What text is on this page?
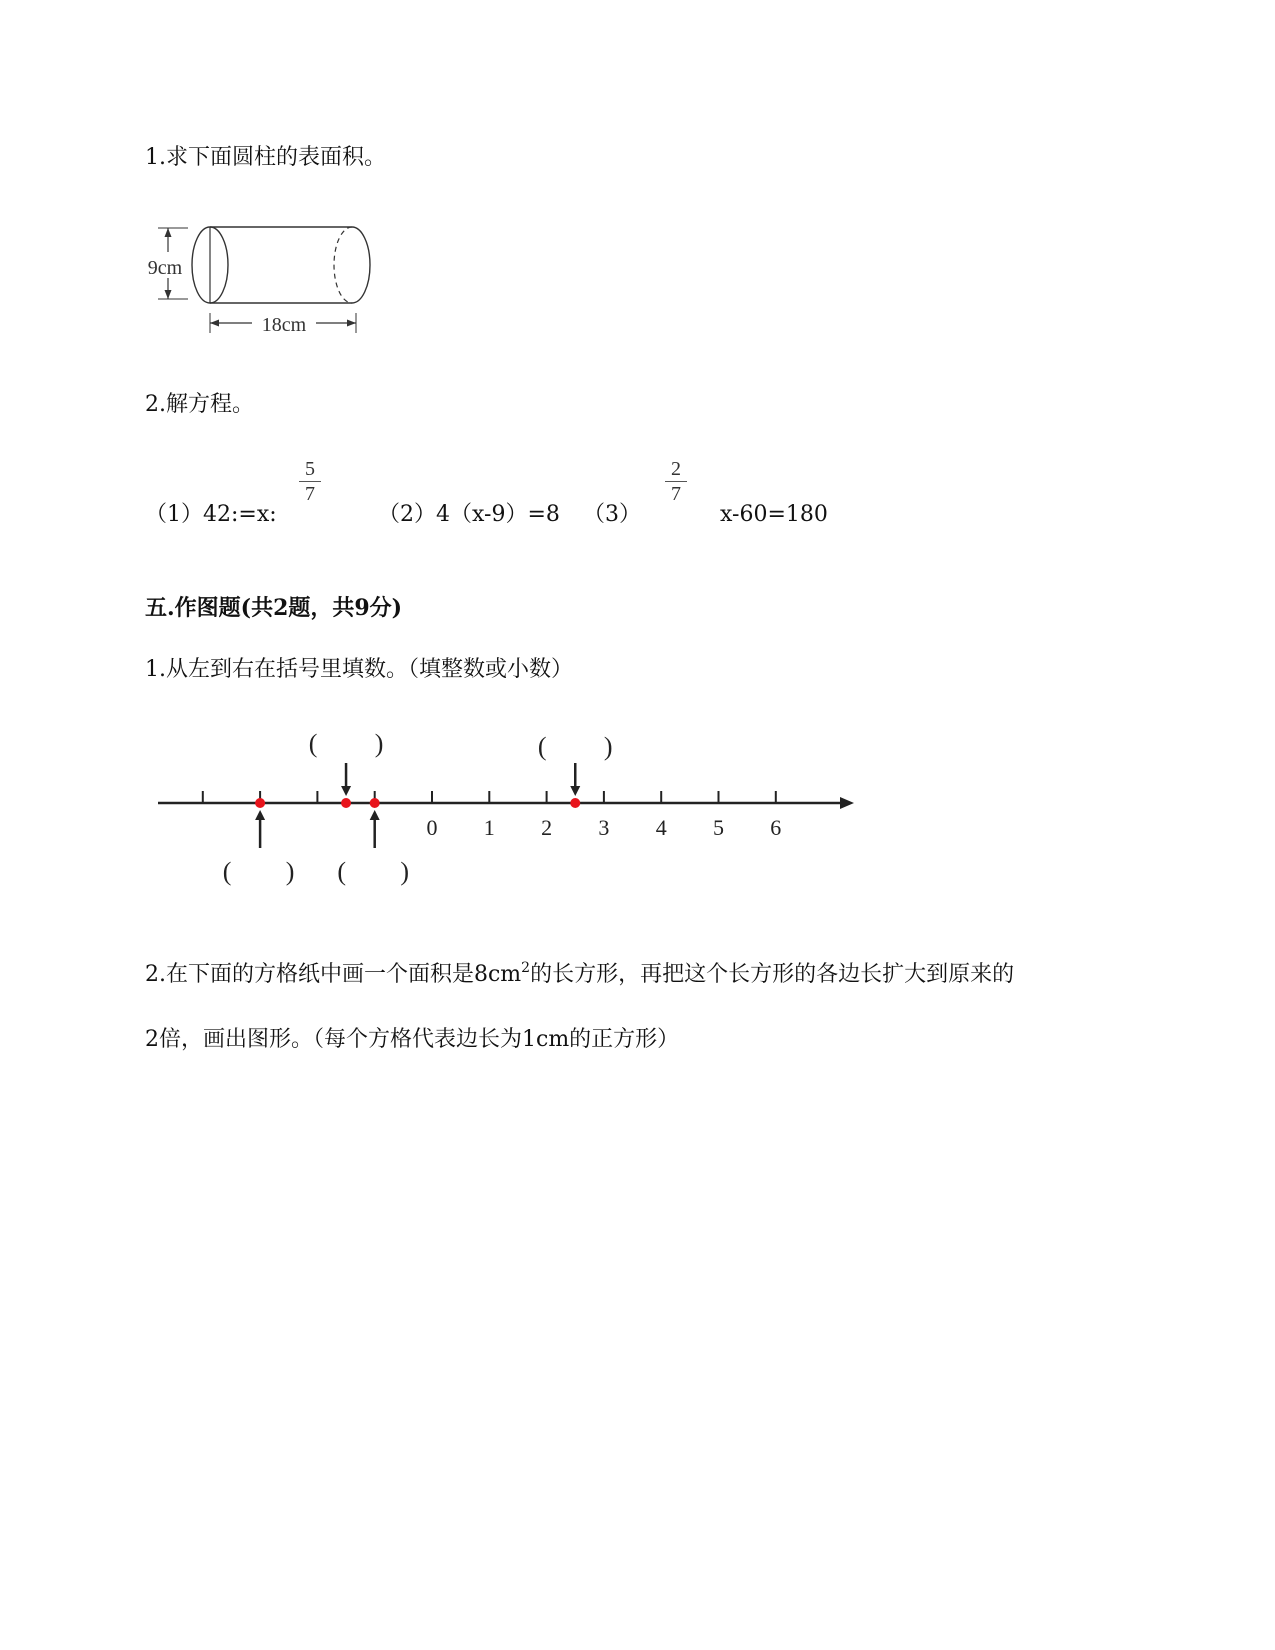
1.求下面圆柱的表面积。
9cm
18cm
2.解方程。
（1）42:=x:
5
7
（2）4（x-9）=8 （3）
2
7
x-60=180
五.作图题(共2题，共9分)
1.从左到右在括号里填数。（填整数或小数）
0 1 2 3 4 5 6
( )
( )
( )
( )
2.在下面的方格纸中画一个面积是$8cm^2$的长方形，再把这个长方形的各边长扩大到原来的
2倍，画出图形。（每个方格代表边长为1cm的正方形）
